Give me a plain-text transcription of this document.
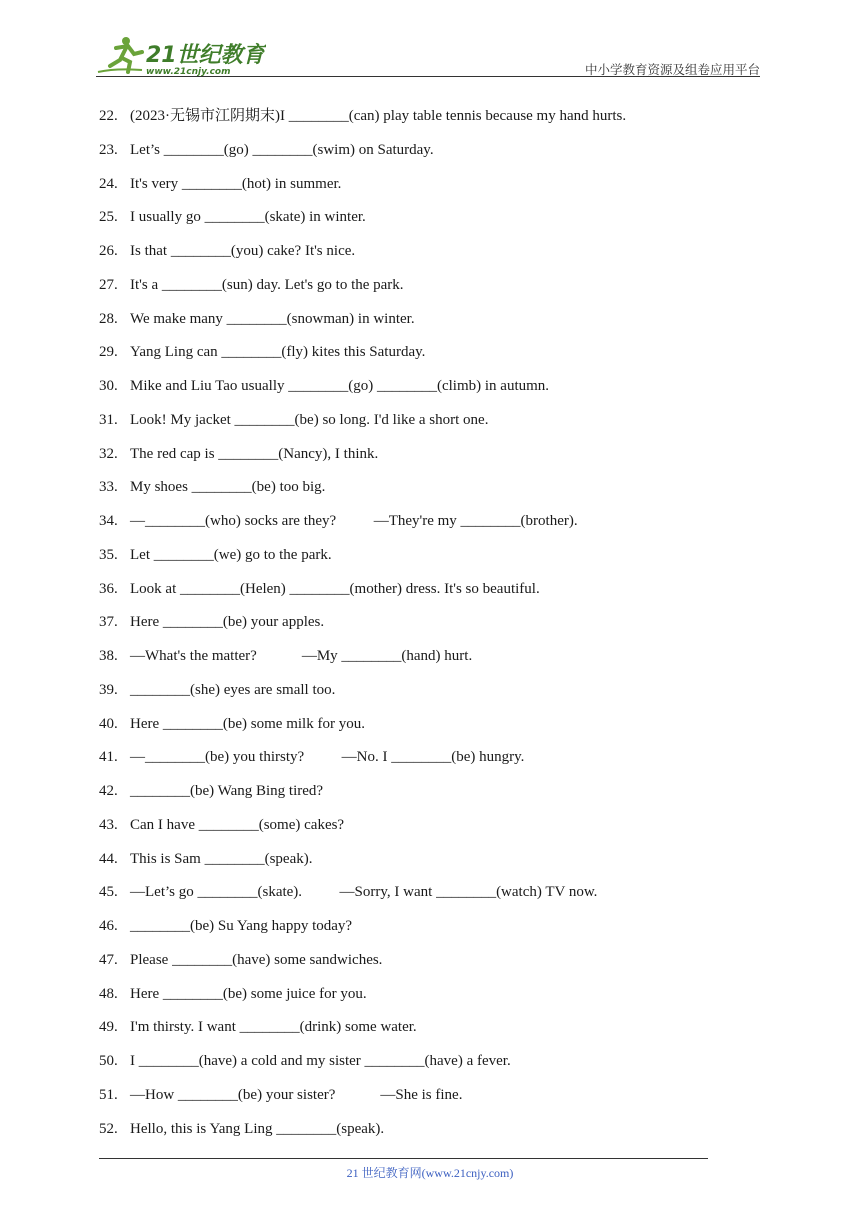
21世纪教育
www.21cnjy.com	中小学教育资源及组卷应用平台
22. (2023·无锡市江阴期末)I ________(can) play table tennis because my hand hurts.
23. Let’s ________(go) ________(swim) on Saturday.
24. It's very ________(hot) in summer.
25. I usually go ________(skate) in winter.
26. Is that ________(you) cake? It's nice.
27. It's a ________(sun) day. Let's go to the park.
28. We make many ________(snowman) in winter.
29. Yang Ling can ________(fly) kites this Saturday.
30. Mike and Liu Tao usually ________(go) ________(climb) in autumn.
31. Look! My jacket ________(be) so long. I'd like a short one.
32. The red cap is ________(Nancy), I think.
33. My shoes ________(be) too big.
34. —________(who) socks are they?          —They're my ________(brother).
35. Let ________(we) go to the park.
36. Look at ________(Helen) ________(mother) dress. It's so beautiful.
37. Here ________(be) your apples.
38. —What's the matter?            —My ________(hand) hurt.
39. ________(she) eyes are small too.
40. Here ________(be) some milk for you.
41. —________(be) you thirsty?          —No. I ________(be) hungry.
42. ________(be) Wang Bing tired?
43. Can I have ________(some) cakes?
44. This is Sam ________(speak).
45. —Let’s go ________(skate).          —Sorry, I want ________(watch) TV now.
46. ________(be) Su Yang happy today?
47. Please ________(have) some sandwiches.
48. Here ________(be) some juice for you.
49. I'm thirsty. I want ________(drink) some water.
50. I ________(have) a cold and my sister ________(have) a fever.
51. —How ________(be) your sister?            —She is fine.
52. Hello, this is Yang Ling ________(speak).
21 世纪教育网(www.21cnjy.com)
